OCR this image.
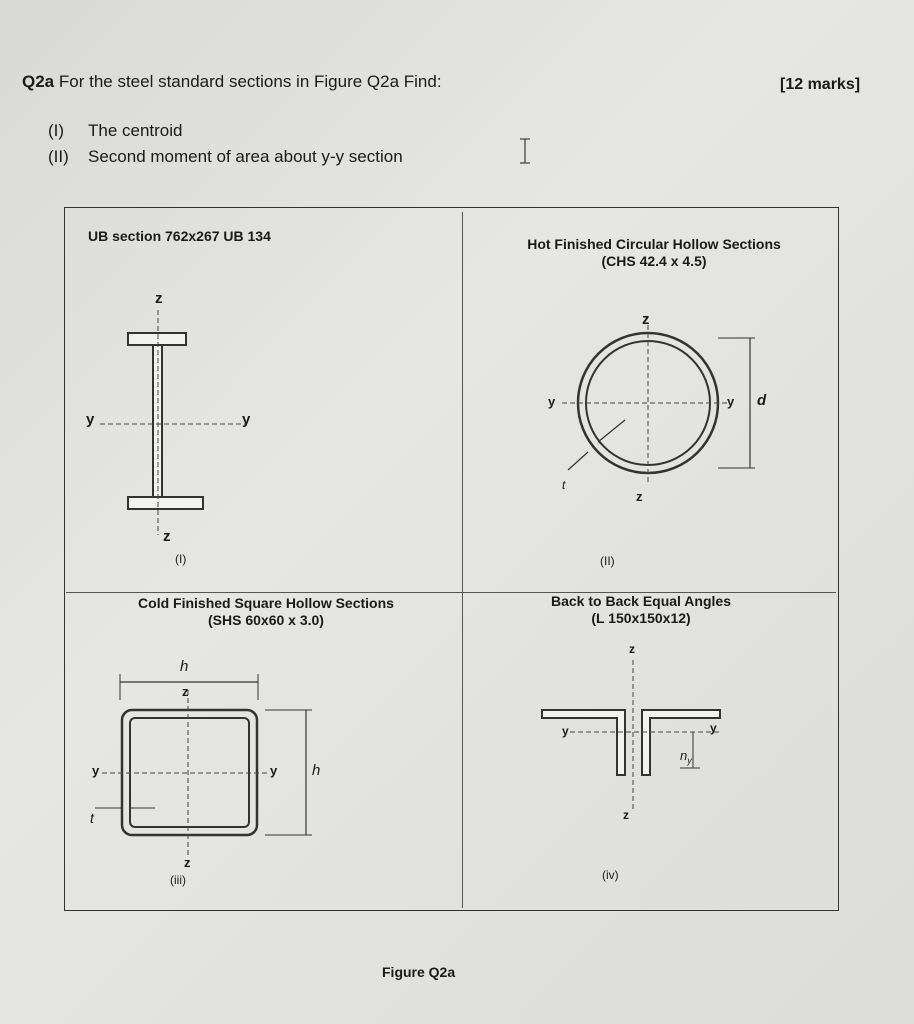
Q2a For the steel standard sections in Figure Q2a Find:	[12 marks]
(I) The centroid
(II) Second moment of area about y-y section
UB section 762x267 UB 134
z
y	y
z
(I)
Hot Finished Circular Hollow Sections
(CHS 42.4 x 4.5)
z
y	y
z
t
d
(II)
Cold Finished Square Hollow Sections
(SHS 60x60 x 3.0)
h
z
y	y h
t
z
(iii)
Back to Back Equal Angles
(L 150x150x12)
z
y	y
$n_y$
z
(iv)
Figure Q2a
